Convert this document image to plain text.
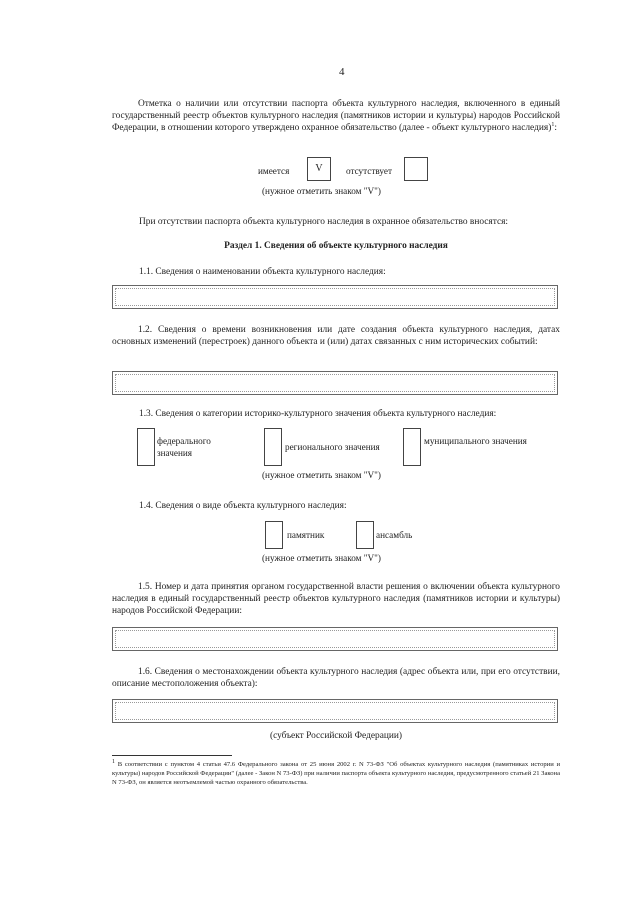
4
Отметка о наличии или отсутствии паспорта объекта культурного наследия, включенного в единый государственный реестр объектов культурного наследия (памятников истории и культуры) народов Российской Федерации, в отношении которого утверждено охранное обязательство (далее - объект культурного наследия)$^1$:
имеется	V	отсутствует
(нужное отметить знаком "V")
При отсутствии паспорта объекта культурного наследия в охранное обязательство вносятся:
Раздел 1. Сведения об объекте культурного наследия
1.1. Сведения о наименовании объекта культурного наследия:
1.2. Сведения о времени возникновения или дате создания объекта культурного наследия, датах основных изменений (перестроек) данного объекта и (или) датах связанных с ним исторических событий:
1.3. Сведения о категории историко-культурного значения объекта культурного наследия:
федерального
значения
регионального значения
муниципального значения
(нужное отметить знаком "V")
1.4. Сведения о виде объекта культурного наследия:
памятник	ансамбль
(нужное отметить знаком "V")
1.5. Номер и дата принятия органом государственной власти решения о включении объекта культурного наследия в единый государственный реестр объектов культурного наследия (памятников истории и культуры) народов Российской Федерации:
1.6. Сведения о местонахождении объекта культурного наследия (адрес объекта или, при его отсутствии, описание местоположения объекта):
(субъект Российской Федерации)
1 В соответствии с пунктом 4 статьи 47.6 Федерального закона от 25 июня 2002 г. N 73-ФЗ "Об объектах культурного наследия (памятниках истории и культуры) народов Российской Федерации" (далее - Закон N 73-ФЗ) при наличии паспорта объекта культурного наследия, предусмотренного статьей 21 Закона N 73-ФЗ, он является неотъемлемой частью охранного обязательства.
